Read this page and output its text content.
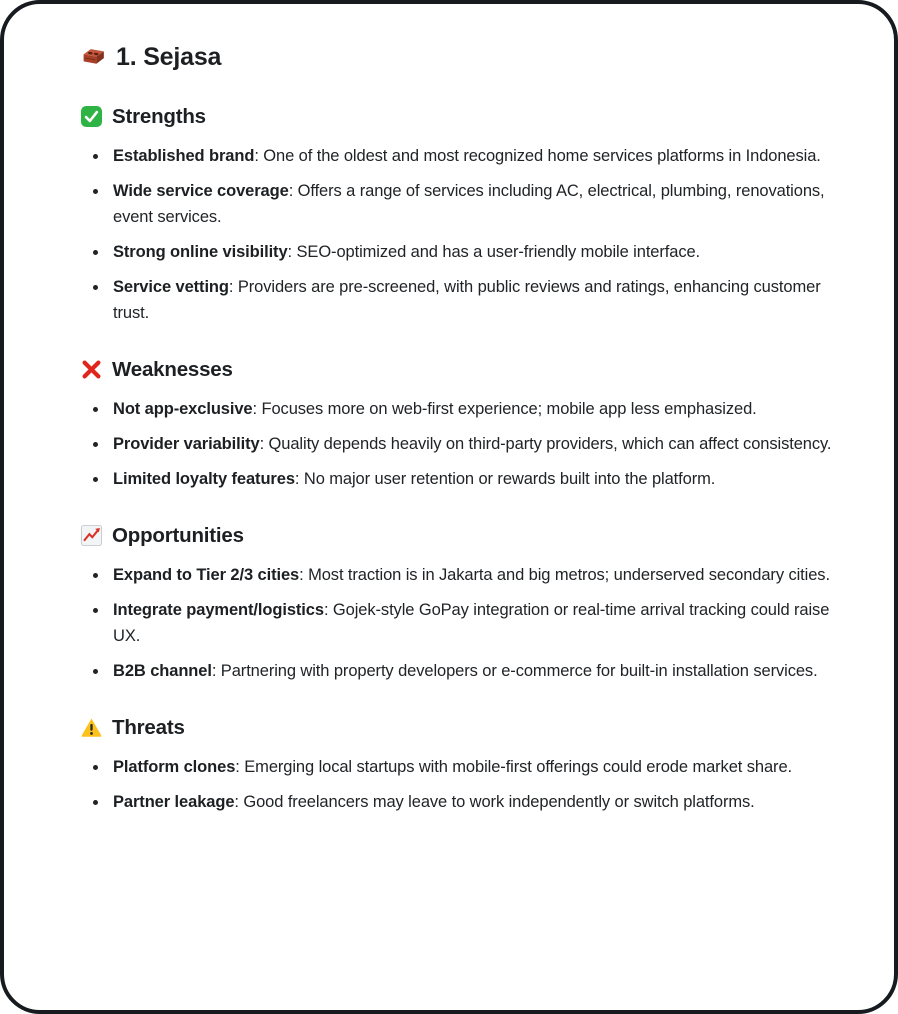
1. Sejasa
Strengths
Established brand: One of the oldest and most recognized home services platforms in Indonesia.
Wide service coverage: Offers a range of services including AC, electrical, plumbing, renovations, event services.
Strong online visibility: SEO-optimized and has a user-friendly mobile interface.
Service vetting: Providers are pre-screened, with public reviews and ratings, enhancing customer trust.
Weaknesses
Not app-exclusive: Focuses more on web-first experience; mobile app less emphasized.
Provider variability: Quality depends heavily on third-party providers, which can affect consistency.
Limited loyalty features: No major user retention or rewards built into the platform.
Opportunities
Expand to Tier 2/3 cities: Most traction is in Jakarta and big metros; underserved secondary cities.
Integrate payment/logistics: Gojek-style GoPay integration or real-time arrival tracking could raise UX.
B2B channel: Partnering with property developers or e-commerce for built-in installation services.
Threats
Platform clones: Emerging local startups with mobile-first offerings could erode market share.
Partner leakage: Good freelancers may leave to work independently or switch platforms.
